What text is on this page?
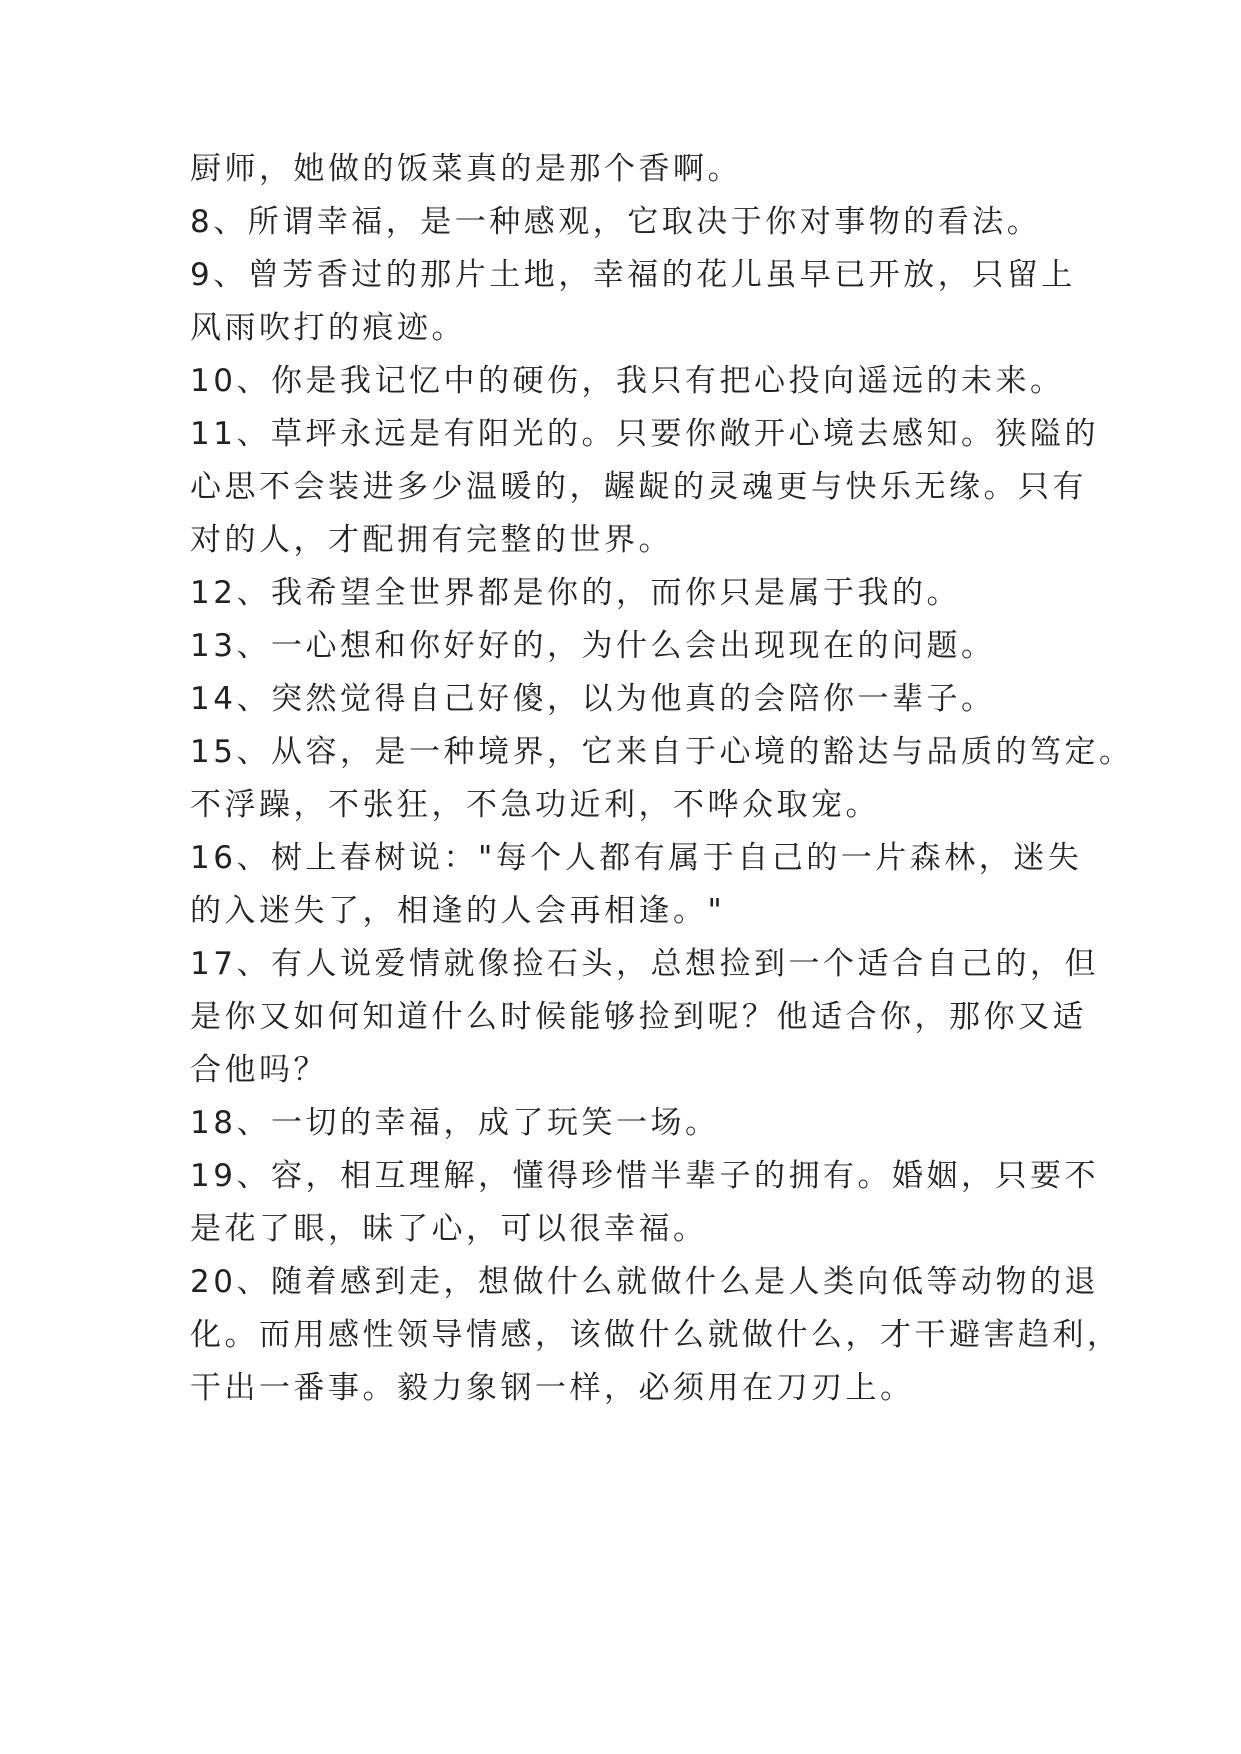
厨师，她做的饭菜真的是那个香啊。
8、所谓幸福，是一种感观，它取决于你对事物的看法。
9、曾芳香过的那片土地，幸福的花儿虽早已开放，只留上
风雨吹打的痕迹。
10、你是我记忆中的硬伤，我只有把心投向遥远的未来。
11、草坪永远是有阳光的。只要你敞开心境去感知。狭隘的
心思不会装进多少温暖的，龌龊的灵魂更与快乐无缘。只有
对的人，才配拥有完整的世界。
12、我希望全世界都是你的，而你只是属于我的。
13、一心想和你好好的，为什么会出现现在的问题。
14、突然觉得自己好傻，以为他真的会陪你一辈子。
15、从容，是一种境界，它来自于心境的豁达与品质的笃定。
不浮躁，不张狂，不急功近利，不哗众取宠。
16、树上春树说："每个人都有属于自己的一片森林，迷失
的入迷失了，相逢的人会再相逢。"
17、有人说爱情就像捡石头，总想捡到一个适合自己的，但
是你又如何知道什么时候能够捡到呢？他适合你，那你又适
合他吗？
18、一切的幸福，成了玩笑一场。
19、容，相互理解，懂得珍惜半辈子的拥有。婚姻，只要不
是花了眼，昧了心，可以很幸福。
20、随着感到走，想做什么就做什么是人类向低等动物的退
化。而用感性领导情感，该做什么就做什么，才干避害趋利，
干出一番事。毅力象钢一样，必须用在刀刃上。
